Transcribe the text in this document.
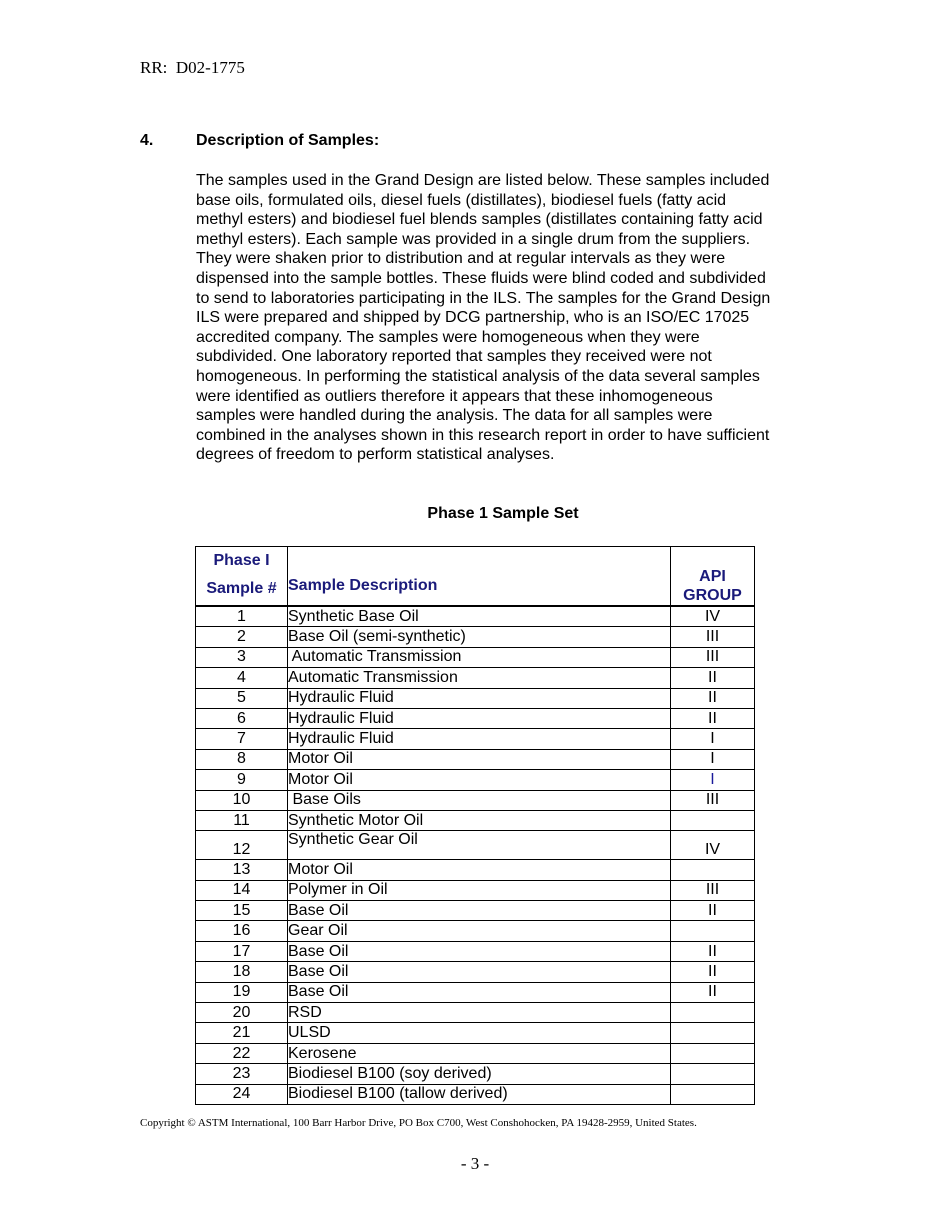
RR:  D02-1775
4.	Description of Samples:
The samples used in the Grand Design are listed below. These samples included
base oils, formulated oils, diesel fuels (distillates), biodiesel fuels (fatty acid
methyl esters) and biodiesel fuel blends samples (distillates containing fatty acid
methyl esters). Each sample was provided in a single drum from the suppliers.
They were shaken prior to distribution and at regular intervals as they were
dispensed into the sample bottles. These fluids were blind coded and subdivided
to send to laboratories participating in the ILS. The samples for the Grand Design
ILS were prepared and shipped by DCG partnership, who is an ISO/EC 17025
accredited company. The samples were homogeneous when they were
subdivided. One laboratory reported that samples they received were not
homogeneous. In performing the statistical analysis of the data several samples
were identified as outliers therefore it appears that these inhomogeneous
samples were handled during the analysis. The data for all samples were
combined in the analyses shown in this research report in order to have sufficient
degrees of freedom to perform statistical analyses.
Phase 1 Sample Set
Phase I
Sample #	Sample Description	API
GROUP

1	Synthetic Base Oil	IV
2	Base Oil (semi-synthetic)	III
3	Automatic Transmission	III
4	Automatic Transmission	II
5	Hydraulic Fluid	II
6	Hydraulic Fluid	II
7	Hydraulic Fluid	I
8	Motor Oil	I
9	Motor Oil	I
10	Base Oils	III
11	Synthetic Motor Oil	
12	Synthetic Gear Oil	IV
13	Motor Oil	
14	Polymer in Oil	III
15	Base Oil	II
16	Gear Oil	
17	Base Oil	II
18	Base Oil	II
19	Base Oil	II
20	RSD	
21	ULSD	
22	Kerosene	
23	Biodiesel B100 (soy derived)	
24	Biodiesel B100 (tallow derived)	
Copyright © ASTM International, 100 Barr Harbor Drive, PO Box C700, West Conshohocken, PA 19428-2959, United States.
- 3 -
